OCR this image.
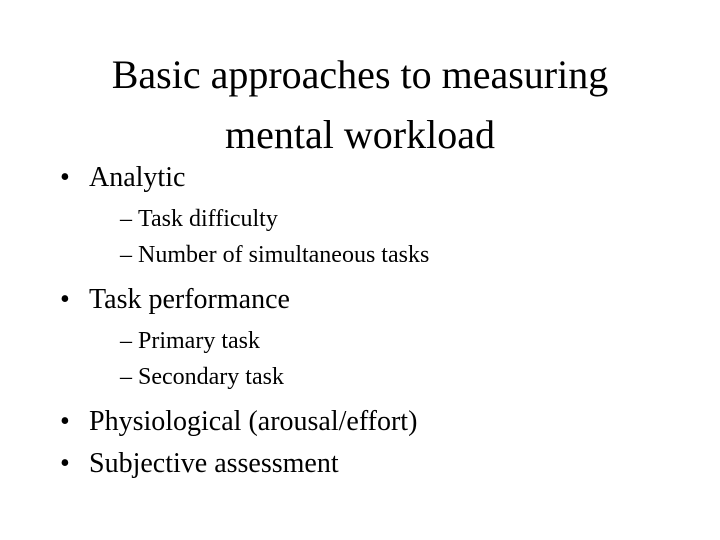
Basic approaches to measuring
mental workload
• Analytic
– Task difficulty
– Number of simultaneous tasks
• Task performance
– Primary task
– Secondary task
• Physiological (arousal/effort)
• Subjective assessment
